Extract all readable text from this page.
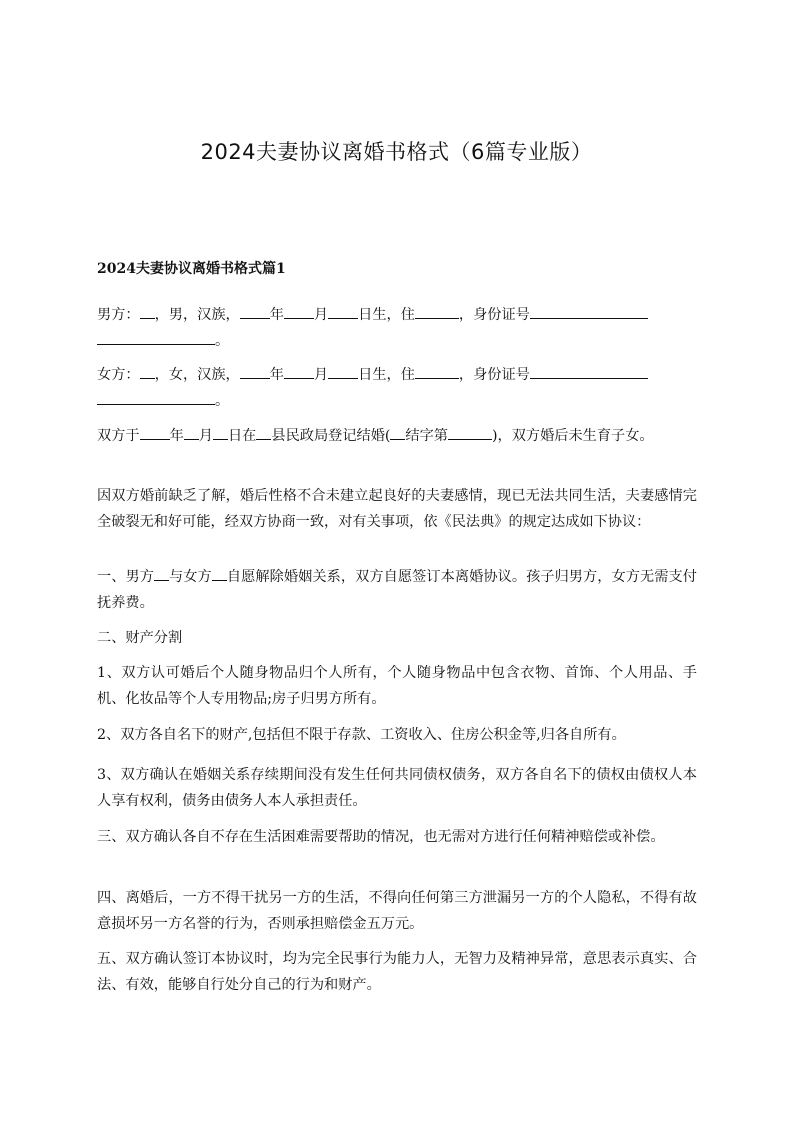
2024夫妻协议离婚书格式（6篇专业版）
2024夫妻协议离婚书格式篇1

男方： ，男，汉族， 年 月 日生，住	，身份证号
。

女方： ，女，汉族， 年 月 日生，住	，身份证号
。

双方于 年 月 日在 县民政局登记结婚( 结字第	)，双方婚后未生育子女。

因双方婚前缺乏了解，婚后性格不合未建立起良好的夫妻感情，现已无法共同生活，夫妻感情完全破裂无和好可能，经双方协商一致，对有关事项，依《民法典》的规定达成如下协议：

一、男方 与女方 自愿解除婚姻关系，双方自愿签订本离婚协议。孩子归男方，女方无需支付抚养费。

二、财产分割

1、双方认可婚后个人随身物品归个人所有，个人随身物品中包含衣物、首饰、个人用品、手机、化妆品等个人专用物品;房子归男方所有。

2、双方各自名下的财产,包括但不限于存款、工资收入、住房公积金等,归各自所有。

3、双方确认在婚姻关系存续期间没有发生任何共同债权债务，双方各自名下的债权由债权人本人享有权利，债务由债务人本人承担责任。

三、双方确认各自不存在生活困难需要帮助的情况，也无需对方进行任何精神赔偿或补偿。

四、离婚后，一方不得干扰另一方的生活，不得向任何第三方泄漏另一方的个人隐私，不得有故意损坏另一方名誉的行为，否则承担赔偿金五万元。

五、双方确认签订本协议时，均为完全民事行为能力人，无智力及精神异常，意思表示真实、合法、有效，能够自行处分自己的行为和财产。
